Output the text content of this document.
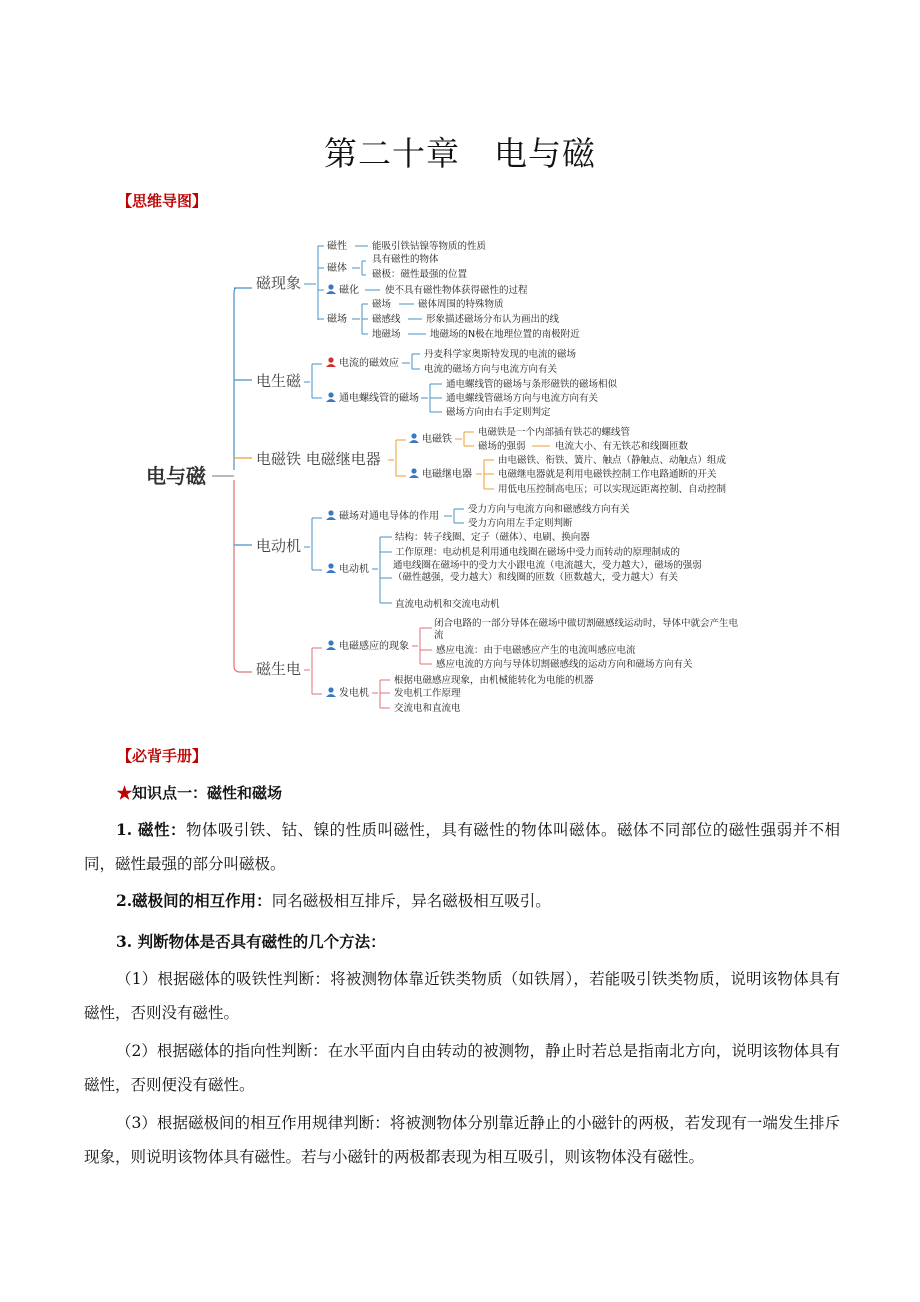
第二十章　电与磁

【思维导图】

电与磁
磁现象
磁性	能吸引铁钴镍等物质的性质
磁体
具有磁性的物体
磁极：磁性最强的位置
磁化	使不具有磁性物体获得磁性的过程
磁场
磁场	磁体周围的特殊物质
磁感线	形象描述磁场分布认为画出的线
地磁场	地磁场的N极在地理位置的南极附近
电生磁
电流的磁效应
丹麦科学家奥斯特发现的电流的磁场
电流的磁场方向与电流方向有关
通电螺线管的磁场
通电螺线管的磁场与条形磁铁的磁场相似
通电螺线管磁场方向与电流方向有关
磁场方向由右手定则判定
电磁铁 电磁继电器
电磁铁
电磁铁是一个内部插有铁芯的螺线管
磁场的强弱	电流大小、有无铁芯和线圈匝数
电磁继电器
由电磁铁、衔铁、簧片、触点（静触点、动触点）组成
电磁继电器就是利用电磁铁控制工作电路通断的开关
用低电压控制高电压；可以实现远距离控制、自动控制
电动机
磁场对通电导体的作用
受力方向与电流方向和磁感线方向有关
受力方向用左手定则判断
电动机
结构：转子线圈、定子（磁体）、电刷、换向器
工作原理：电动机是利用通电线圈在磁场中受力而转动的原理制成的
通电线圈在磁场中的受力大小跟电流（电流越大，受力越大），磁场的强弱（磁性越强，受力越大）和线圈的匝数（匝数越大，受力越大）有关
直流电动机和交流电动机
磁生电
电磁感应的现象
闭合电路的一部分导体在磁场中做切割磁感线运动时，导体中就会产生电流
感应电流：由于电磁感应产生的电流叫感应电流
感应电流的方向与导体切割磁感线的运动方向和磁场方向有关
发电机
根据电磁感应现象，由机械能转化为电能的机器
发电机工作原理
交流电和直流电

【必背手册】

★知识点一：磁性和磁场

1. 磁性：物体吸引铁、钴、镍的性质叫磁性，具有磁性的物体叫磁体。磁体不同部位的磁性强弱并不相同，磁性最强的部分叫磁极。

2.磁极间的相互作用：同名磁极相互排斥，异名磁极相互吸引。

3. 判断物体是否具有磁性的几个方法：

（1）根据磁体的吸铁性判断：将被测物体靠近铁类物质（如铁屑），若能吸引铁类物质，说明该物体具有磁性，否则没有磁性。

（2）根据磁体的指向性判断：在水平面内自由转动的被测物，静止时若总是指南北方向，说明该物体具有磁性，否则便没有磁性。

（3）根据磁极间的相互作用规律判断：将被测物体分别靠近静止的小磁针的两极，若发现有一端发生排斥现象，则说明该物体具有磁性。若与小磁针的两极都表现为相互吸引，则该物体没有磁性。
